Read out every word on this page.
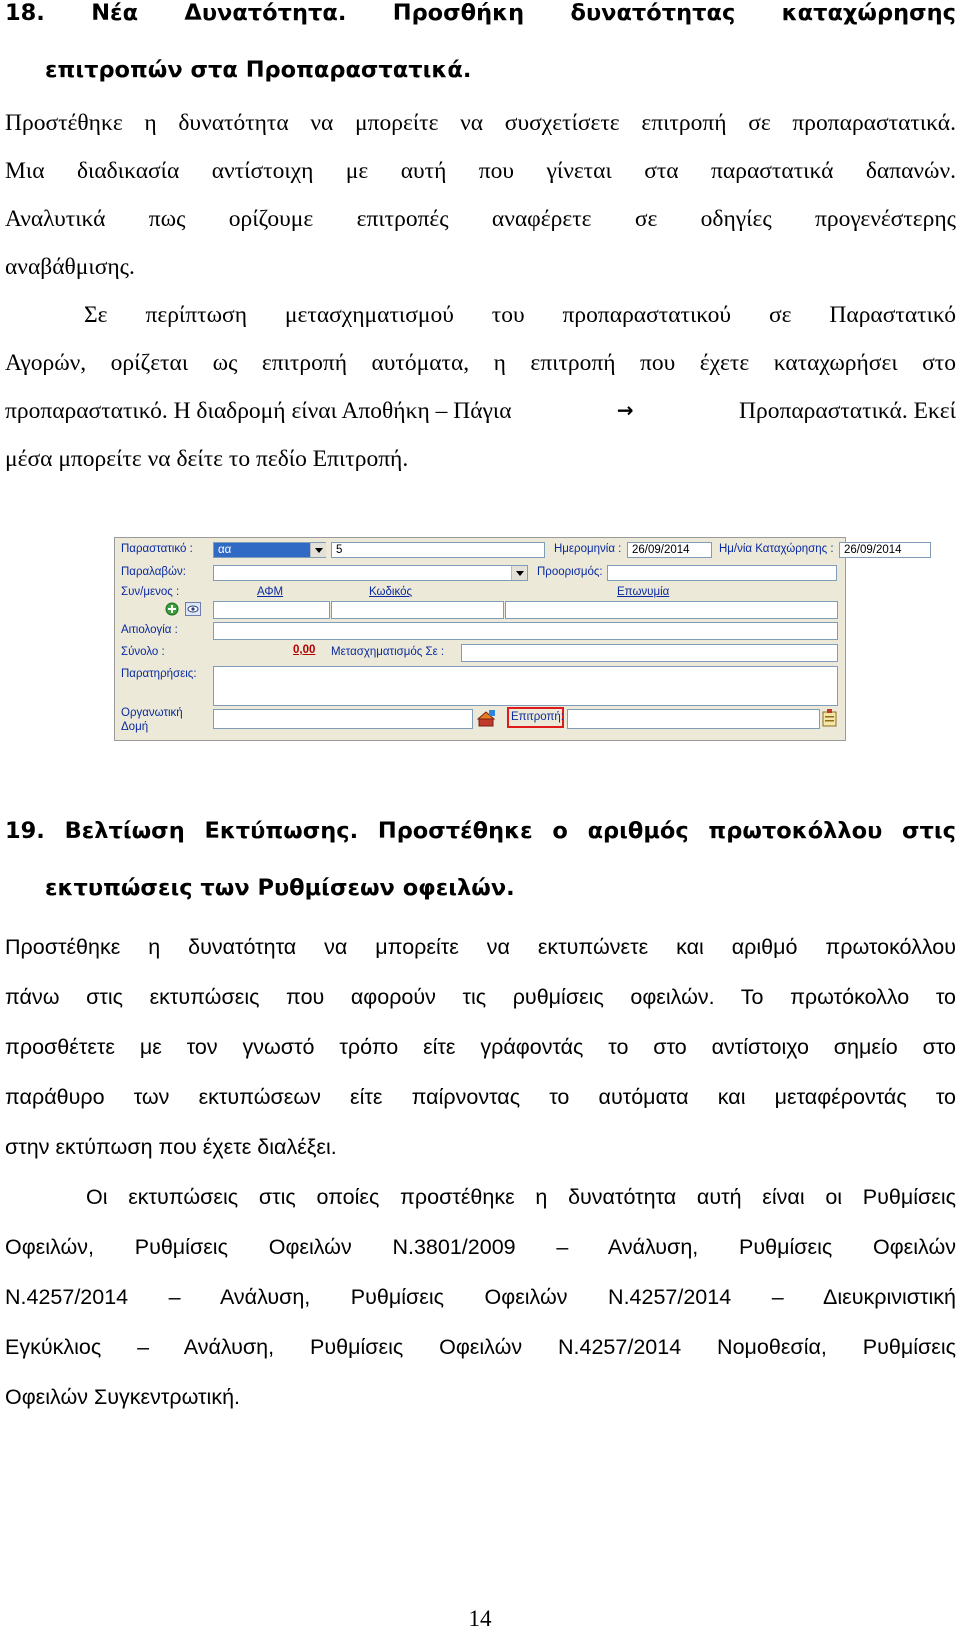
18. Νέα Δυνατότητα. Προσθήκη δυνατότητας καταχώρησης
επιτροπών στα Προπαραστατικά.
Προστέθηκε η δυνατότητα να μπορείτε να συσχετίσετε επιτροπή σε προπαραστατικά.
Μια διαδικασία αντίστοιχη με αυτή που γίνεται στα παραστατικά δαπανών.
Αναλυτικά πως ορίζουμε επιτροπές αναφέρετε σε οδηγίες προγενέστερης
αναβάθμισης.
Σε περίπτωση μετασχηματισμού του προπαραστατικού σε Παραστατικό
Αγορών, ορίζεται ως επιτροπή αυτόματα, η επιτροπή που έχετε καταχωρήσει στο
προπαραστατικό. Η διαδρομή είναι Αποθήκη – Πάγια	→	Προπαραστατικά. Εκεί
μέσα μπορείτε να δείτε το πεδίο Επιτροπή.
Παραστατικό :	αα	5	Ημερομηνία : 26/09/2014	Ημ/νία Καταχώρησης : 26/09/2014
Παραλαβών:	Προορισμός:
Συν/μενος :	ΑΦΜ	Κωδικός	Επωνυμία
Αιτιολογία :
Σύνολο :	0,00 Μετασχηματισμός Σε :
Παρατηρήσεις:
Οργανωτική
Δομή
Επιτροπή:
19. Βελτίωση Εκτύπωσης. Προστέθηκε ο αριθμός πρωτοκόλλου στις
εκτυπώσεις των Ρυθμίσεων οφειλών.
Προστέθηκε η δυνατότητα να μπορείτε να εκτυπώνετε και αριθμό πρωτοκόλλου
πάνω στις εκτυπώσεις που αφορούν τις ρυθμίσεις οφειλών. Το πρωτόκολλο το
προσθέτετε με τον γνωστό τρόπο είτε γράφοντάς το στο αντίστοιχο σημείο στο
παράθυρο των εκτυπώσεων είτε παίρνοντας το αυτόματα και μεταφέροντάς το
στην εκτύπωση που έχετε διαλέξει.
Οι εκτυπώσεις στις οποίες προστέθηκε η δυνατότητα αυτή είναι οι Ρυθμίσεις
Οφειλών, Ρυθμίσεις Οφειλών Ν.3801/2009 – Ανάλυση, Ρυθμίσεις Οφειλών
Ν.4257/2014 – Ανάλυση, Ρυθμίσεις Οφειλών Ν.4257/2014 – Διευκρινιστική
Εγκύκλιος – Ανάλυση, Ρυθμίσεις Οφειλών Ν.4257/2014 Νομοθεσία, Ρυθμίσεις
Οφειλών Συγκεντρωτική.
14
